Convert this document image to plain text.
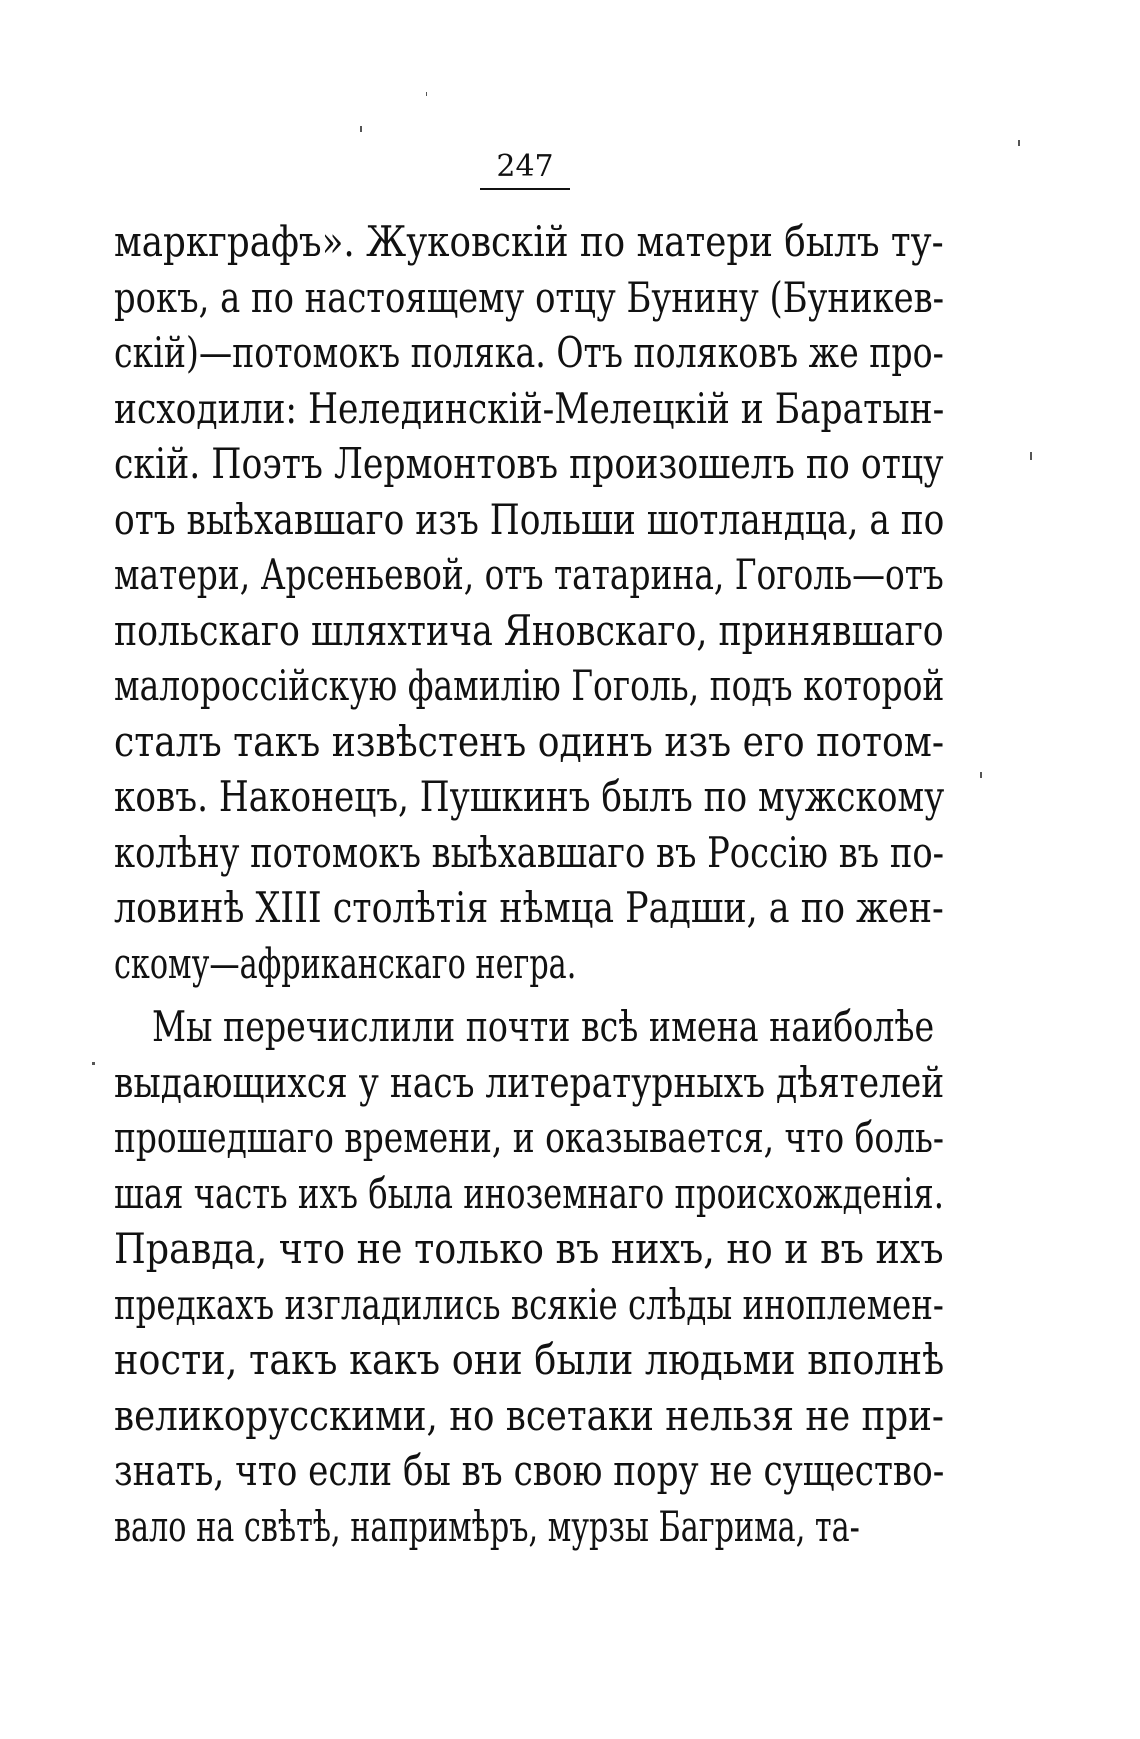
247
маркграфъ». Жуковскій по матери былъ ту-
рокъ, а по настоящему отцу Бунину (Буникев-
скій)—потомокъ поляка. Отъ поляковъ же про-
исходили: Нелединскій-Мелецкій и Баратын-
скій. Поэтъ Лермонтовъ произошелъ по отцу
отъ выѣхавшаго изъ Польши шотландца, а по
матери, Арсеньевой, отъ татарина, Гоголь—отъ
польскаго шляхтича Яновскаго, принявшаго
малороссійскую фамилію Гоголь, подъ которой
сталъ такъ извѣстенъ одинъ изъ его потом-
ковъ. Наконецъ, Пушкинъ былъ по мужскому
колѣну потомокъ выѣхавшаго въ Россію въ по-
ловинѣ XIII столѣтія нѣмца Радши, а по жен-
скому—африканскаго негра.
Мы перечислили почти всѣ имена наиболѣе
выдающихся у насъ литературныхъ дѣятелей
прошедшаго времени, и оказывается, что боль-
шая часть ихъ была иноземнаго происхожденія.
Правда, что не только въ нихъ, но и въ ихъ
предкахъ изгладились всякіе слѣды иноплемен-
ности, такъ какъ они были людьми вполнѣ
великорусскими, но всетаки нельзя не при-
знать, что если бы въ свою пору не существо-
вало на свѣтѣ, напримѣръ, мурзы Багрима, та-
